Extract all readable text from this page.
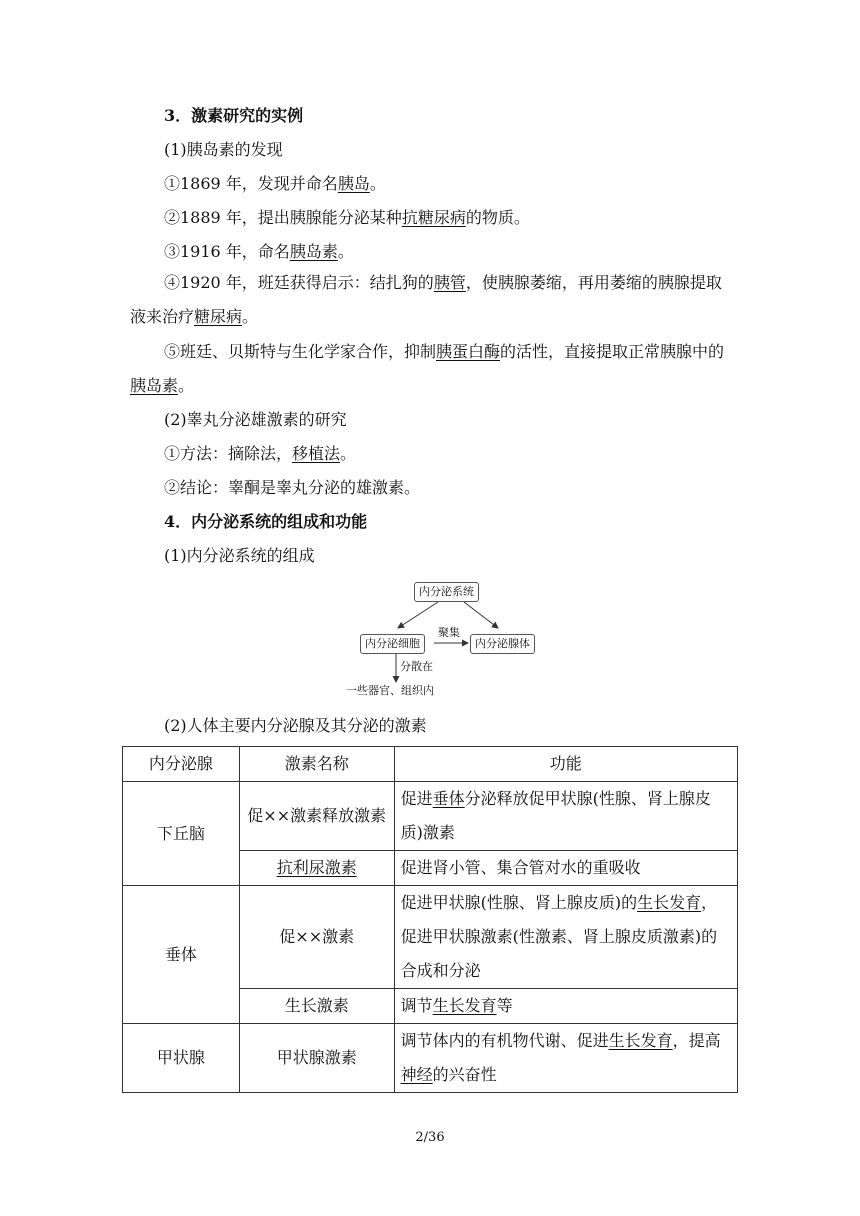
3．激素研究的实例
(1)胰岛素的发现
①1869 年，发现并命名胰岛。
②1889 年，提出胰腺能分泌某种抗糖尿病的物质。
③1916 年，命名胰岛素。
④1920 年，班廷获得启示：结扎狗的胰管，使胰腺萎缩，再用萎缩的胰腺提取液来治疗糖尿病。
⑤班廷、贝斯特与生化学家合作，抑制胰蛋白酶的活性，直接提取正常胰腺中的胰岛素。
(2)睾丸分泌雄激素的研究
①方法：摘除法，移植法。
②结论：睾酮是睾丸分泌的雄激素。
4．内分泌系统的组成和功能
(1)内分泌系统的组成
内分泌系统
内分泌细胞	内分泌腺体
聚集
分散在
一些器官、组织内
(2)人体主要内分泌腺及其分泌的激素
内分泌腺	激素名称	功能
下丘脑	促××激素释放激素	促进垂体分泌释放促甲状腺(性腺、肾上腺皮质)激素
	抗利尿激素	促进肾小管、集合管对水的重吸收
垂体	促××激素	促进甲状腺(性腺、肾上腺皮质)的生长发育，促进甲状腺激素(性激素、肾上腺皮质激素)的合成和分泌
	生长激素	调节生长发育等
甲状腺	甲状腺激素	调节体内的有机物代谢、促进生长发育，提高神经的兴奋性
2/36
